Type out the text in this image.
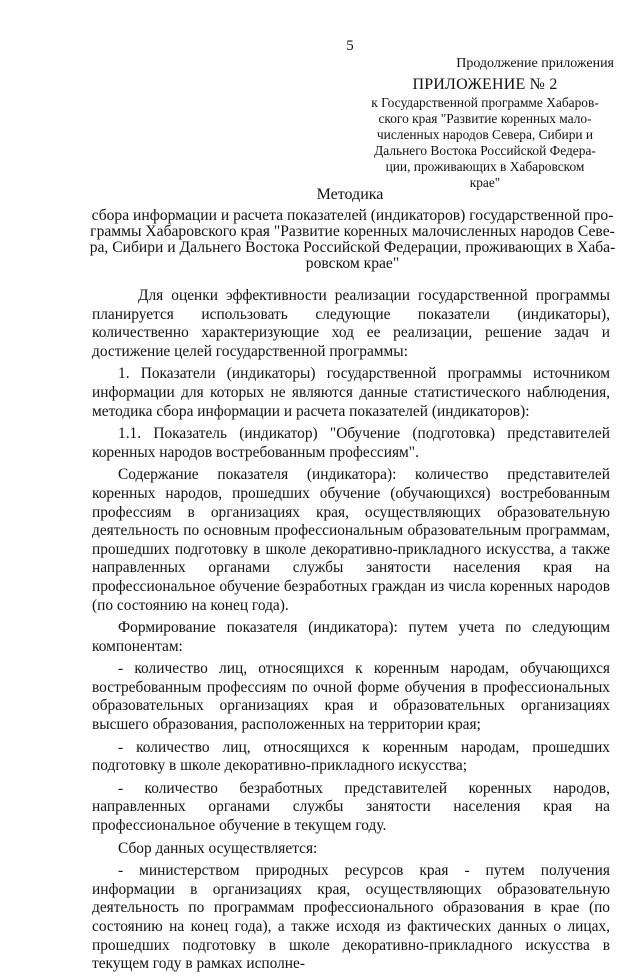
5
Продолжение приложения
ПРИЛОЖЕНИЕ № 2
к Государственной программе Хабаров-
ского края "Развитие коренных мало-
численных народов Севера, Сибири и
Дальнего Востока Российской Федера-
ции, проживающих в Хабаровском
крае"
Методика
сбора информации и расчета показателей (индикаторов) государственной про-
граммы Хабаровского края "Развитие коренных малочисленных народов Севе-
ра, Сибири и Дальнего Востока Российской Федерации, проживающих в Хаба-
ровском крае"

Для оценки эффективности реализации государственной программы планируется использовать следующие показатели (индикаторы), количественно характеризующие ход ее реализации, решение задач и достижение целей государственной программы:

1. Показатели (индикаторы) государственной программы источником информации для которых не являются данные статистического наблюдения, методика сбора информации и расчета показателей (индикаторов):

1.1. Показатель (индикатор) "Обучение (подготовка) представителей коренных народов востребованным профессиям".

Содержание показателя (индикатора): количество представителей коренных народов, прошедших обучение (обучающихся) востребованным профессиям в организациях края, осуществляющих образовательную деятельность по основным профессиональным образовательным программам, прошедших подготовку в школе декоративно-прикладного искусства, а также направленных органами службы занятости населения края на профессиональное обучение безработных граждан из числа коренных народов (по состоянию на конец года).

Формирование показателя (индикатора): путем учета по следующим компонентам:

- количество лиц, относящихся к коренным народам, обучающихся востребованным профессиям по очной форме обучения в профессиональных образовательных организациях края и образовательных организациях высшего образования, расположенных на территории края;

- количество лиц, относящихся к коренным народам, прошедших подготовку в школе декоративно-прикладного искусства;

- количество безработных представителей коренных народов, направленных органами службы занятости населения края на профессиональное обучение в текущем году.

Сбор данных осуществляется:

- министерством природных ресурсов края - путем получения информации в организациях края, осуществляющих образовательную деятельность по программам профессионального образования в крае (по состоянию на конец года), а также исходя из фактических данных о лицах, прошедших подготовку в школе декоративно-прикладного искусства в текущем году в рамках исполне-
